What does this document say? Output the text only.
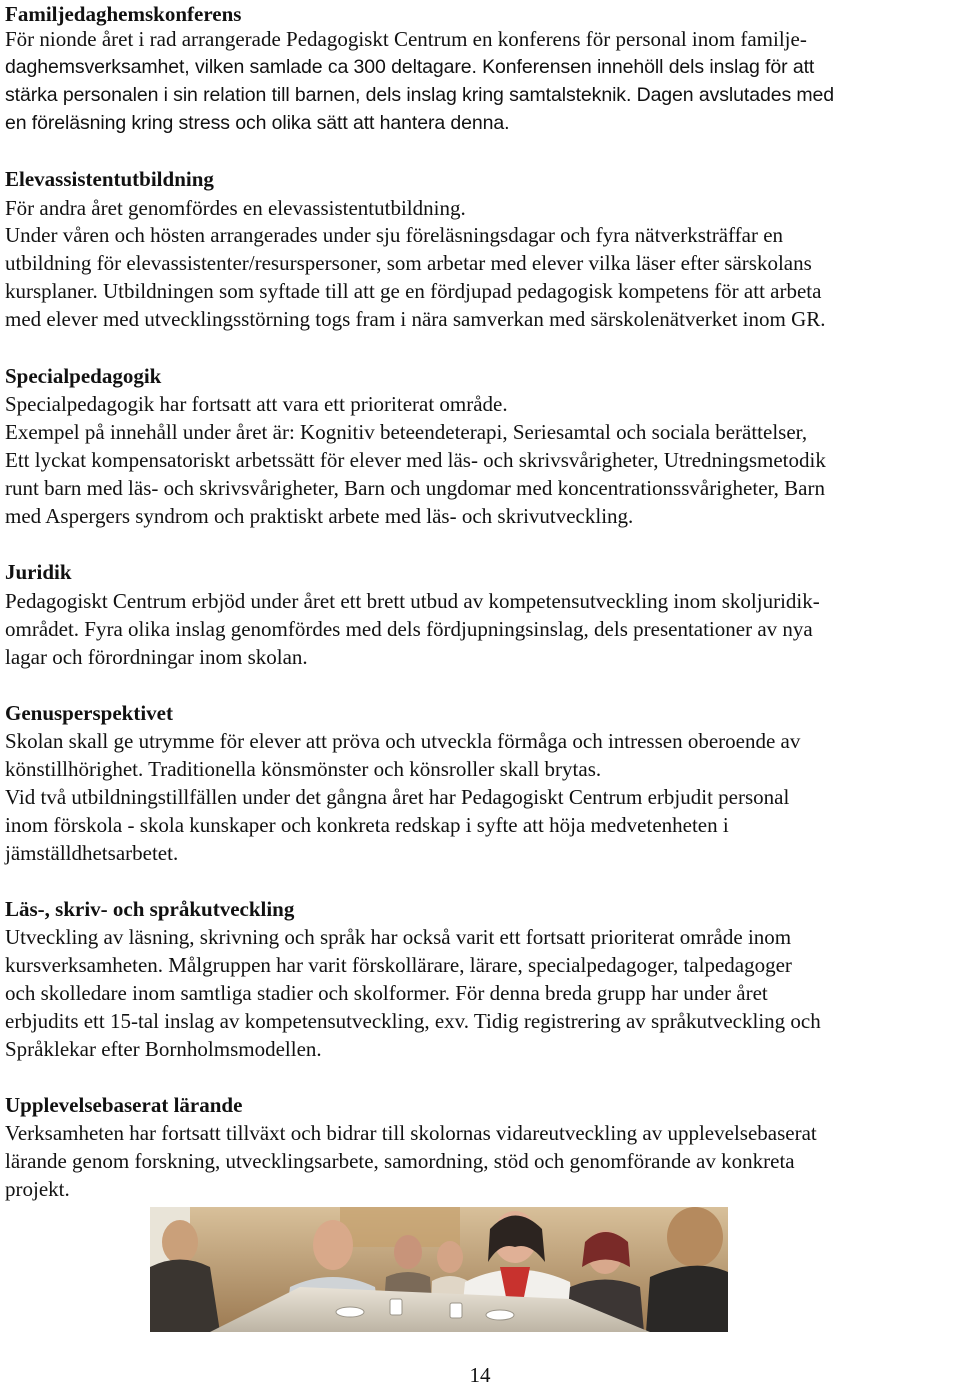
Familjedaghemskonferens
För nionde året i rad arrangerade Pedagogiskt Centrum en konferens för personal inom familje-
daghemsverksamhet, vilken samlade ca 300 deltagare. Konferensen innehöll dels inslag för att
stärka personalen i sin relation till barnen, dels inslag kring samtalsteknik. Dagen avslutades med
en föreläsning kring stress och olika sätt att hantera denna.
Elevassistentutbildning
För andra året genomfördes en elevassistentutbildning.
Under våren och hösten arrangerades under sju föreläsningsdagar och fyra nätverksträffar en
utbildning för elevassistenter/resurspersoner, som arbetar med elever vilka läser efter särskolans
kursplaner. Utbildningen som syftade till att ge en fördjupad pedagogisk kompetens för att arbeta
med elever med utvecklingsstörning togs fram i nära samverkan med särskolenätverket inom GR.
Specialpedagogik
Specialpedagogik har fortsatt att vara ett prioriterat område.
Exempel på innehåll under året är: Kognitiv beteendeterapi, Seriesamtal och sociala berättelser,
Ett lyckat kompensatoriskt arbetssätt för elever med läs- och skrivsvårigheter, Utredningsmetodik
runt barn med läs- och skrivsvårigheter, Barn och ungdomar med koncentrationssvårigheter, Barn
med Aspergers syndrom och praktiskt arbete med läs- och skrivutveckling.
Juridik
Pedagogiskt Centrum erbjöd under året ett brett utbud av kompetensutveckling inom skoljuridik-
området. Fyra olika inslag genomfördes med dels fördjupningsinslag, dels presentationer av nya
lagar och förordningar inom skolan.
Genusperspektivet
Skolan skall ge utrymme för elever att pröva och utveckla förmåga och intressen oberoende av
könstillhörighet. Traditionella könsmönster och könsroller skall brytas.
Vid två utbildningstillfällen under det gångna året har Pedagogiskt Centrum erbjudit personal
inom förskola - skola kunskaper och konkreta redskap i syfte att höja medvetenheten i
jämställdhetsarbetet.
Läs-, skriv- och språkutveckling
Utveckling av läsning, skrivning och språk har också varit ett fortsatt prioriterat område inom
kursverksamheten. Målgruppen har varit förskollärare, lärare, specialpedagoger, talpedagoger
och skolledare inom samtliga stadier och skolformer. För denna breda grupp har under året
erbjudits ett 15-tal inslag av kompetensutveckling, exv. Tidig registrering av språkutveckling och
Språklekar efter Bornholmsmodellen.
Upplevelsebaserat lärande
Verksamheten har fortsatt tillväxt och bidrar till skolornas vidareutveckling av upplevelsebaserat
lärande genom forskning, utvecklingsarbete, samordning, stöd och genomförande av konkreta
projekt.
14
